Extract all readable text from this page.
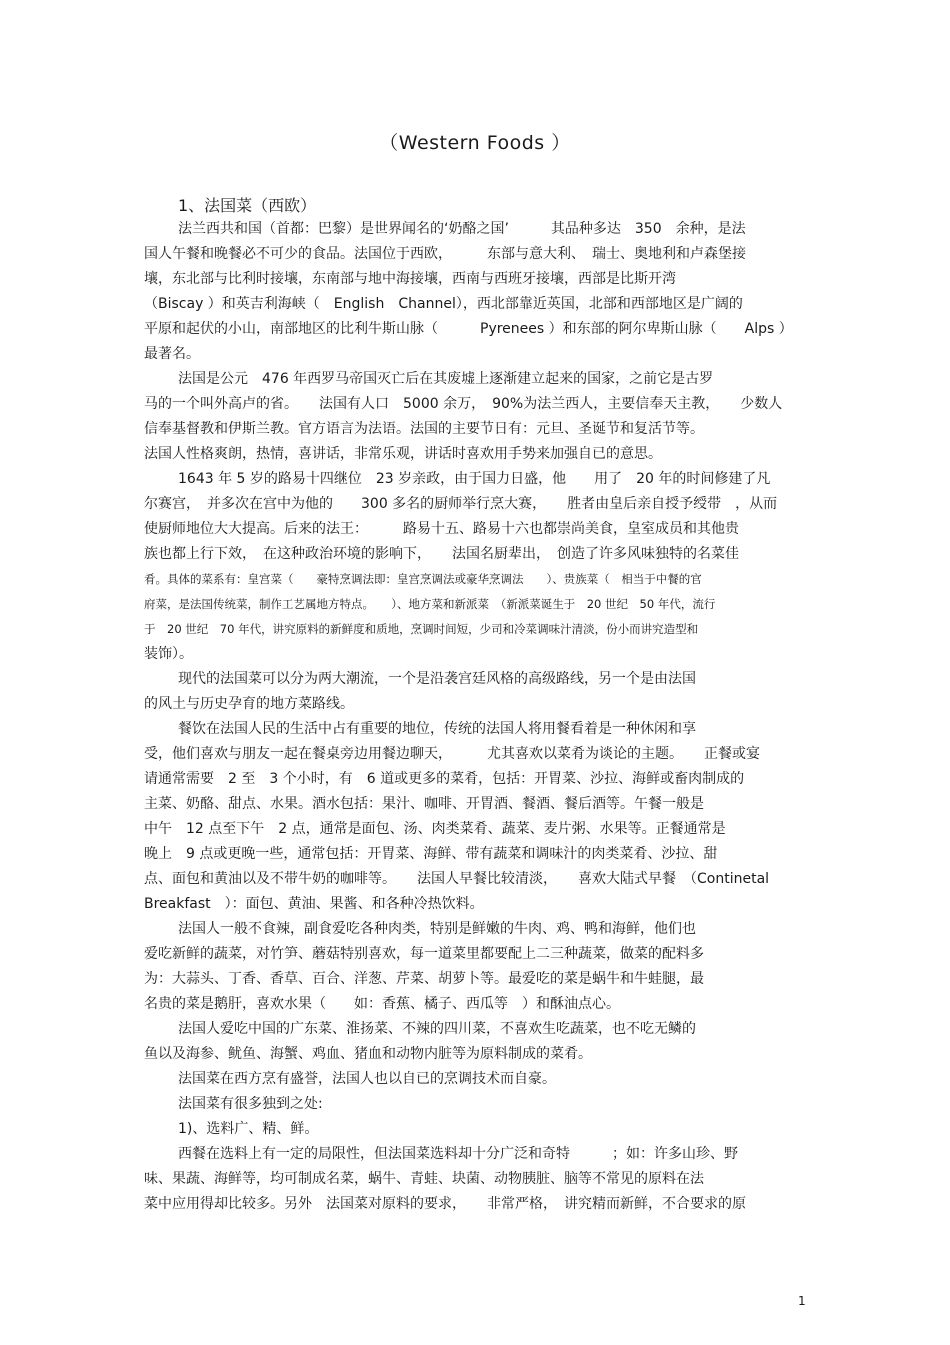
（Western Foods ）
1、法国菜（西欧）
法兰西共和国（首都：巴黎）是世界闻名的‘奶酪之国’　　　其品种多达　350　余种，是法
国人午餐和晚餐必不可少的食品。法国位于西欧，　　　东部与意大利、　瑞士、奥地利和卢森堡接
壤，东北部与比利时接壤，东南部与地中海接壤，西南与西班牙接壤，西部是比斯开湾
（Biscay ）和英吉利海峡（　English　Channel），西北部靠近英国，北部和西部地区是广阔的
平原和起伏的小山，南部地区的比利牛斯山脉（　　　Pyrenees ）和东部的阿尔卑斯山脉（　　Alps ）
最著名。
法国是公元　476 年西罗马帝国灭亡后在其废墟上逐渐建立起来的国家，之前它是古罗
马的一个叫外高卢的省。　　法国有人口　5000 余万，　90%为法兰西人，主要信奉天主教，　　少数人
信奉基督教和伊斯兰教。官方语言为法语。法国的主要节日有：元旦、圣诞节和复活节等。
法国人性格爽朗，热情，喜讲话，非常乐观，讲话时喜欢用手势来加强自已的意思。
1643 年 5 岁的路易十四继位　23 岁亲政，由于国力日盛，他　　用了　20 年的时间修建了凡
尔赛宫，　并多次在宫中为他的　　300 多名的厨师举行烹大赛，　　胜者由皇后亲自授予绶带　，从而
使厨师地位大大提高。后来的法王：　　　路易十五、路易十六也都崇尚美食，皇室成员和其他贵
族也都上行下效，　在这种政治环境的影响下，　　法国名厨辈出，　创造了许多风味独特的名菜佳
肴。具体的菜系有：皇宫菜（　　豪特烹调法即：皇宫烹调法或豪华烹调法　　）、贵族菜（　相当于中餐的官
府菜，是法国传统菜，制作工艺属地方特点。　　）、地方菜和新派菜　（新派菜诞生于　20 世纪　50 年代，流行
于　20 世纪　70 年代，讲究原料的新鲜度和质地，烹调时间短，少司和冷菜调味汁清淡，份小而讲究造型和
装饰）。
现代的法国菜可以分为两大潮流，一个是沿袭宫廷风格的高级路线，另一个是由法国
的风土与历史孕育的地方菜路线。
餐饮在法国人民的生活中占有重要的地位，传统的法国人将用餐看着是一种休闲和享
受，他们喜欢与朋友一起在餐桌旁边用餐边聊天，　　　尤其喜欢以菜肴为谈论的主题。　　正餐或宴
请通常需要　2 至　3 个小时，有　6 道或更多的菜肴，包括：开胃菜、沙拉、海鲜或畜肉制成的
主菜、奶酪、甜点、水果。酒水包括：果汁、咖啡、开胃酒、餐酒、餐后酒等。午餐一般是
中午　12 点至下午　2 点，通常是面包、汤、肉类菜肴、蔬菜、麦片粥、水果等。正餐通常是
晚上　9 点或更晚一些，通常包括：开胃菜、海鲜、带有蔬菜和调味汁的肉类菜肴、沙拉、甜
点、面包和黄油以及不带牛奶的咖啡等。　　法国人早餐比较清淡，　　喜欢大陆式早餐　（Continetal
Breakfast　）：面包、黄油、果酱、和各种冷热饮料。
法国人一般不食辣，副食爱吃各种肉类，特别是鲜嫩的牛肉、鸡、鸭和海鲜，他们也
爱吃新鲜的蔬菜，对竹笋、蘑菇特别喜欢，每一道菜里都要配上二三种蔬菜，做菜的配料多
为：大蒜头、丁香、香草、百合、洋葱、芹菜、胡萝卜等。最爱吃的菜是蜗牛和牛蛙腿，最
名贵的菜是鹅肝，喜欢水果（　　如：香蕉、橘子、西瓜等　）和酥油点心。
法国人爱吃中国的广东菜、淮扬菜、不辣的四川菜，不喜欢生吃蔬菜，也不吃无鳞的
鱼以及海参、鱿鱼、海蟹、鸡血、猪血和动物内脏等为原料制成的菜肴。
法国菜在西方烹有盛誉，法国人也以自已的烹调技术而自豪。
法国菜有很多独到之处:
1)、选料广、精、鲜。
西餐在选料上有一定的局限性，但法国菜选料却十分广泛和奇特　　　；如：许多山珍、野
味、果蔬、海鲜等，均可制成名菜，蜗牛、青蛙、块菌、动物胰脏、脑等不常见的原料在法
菜中应用得却比较多。另外　法国菜对原料的要求，　　非常严格，　讲究精而新鲜，不合要求的原
1
